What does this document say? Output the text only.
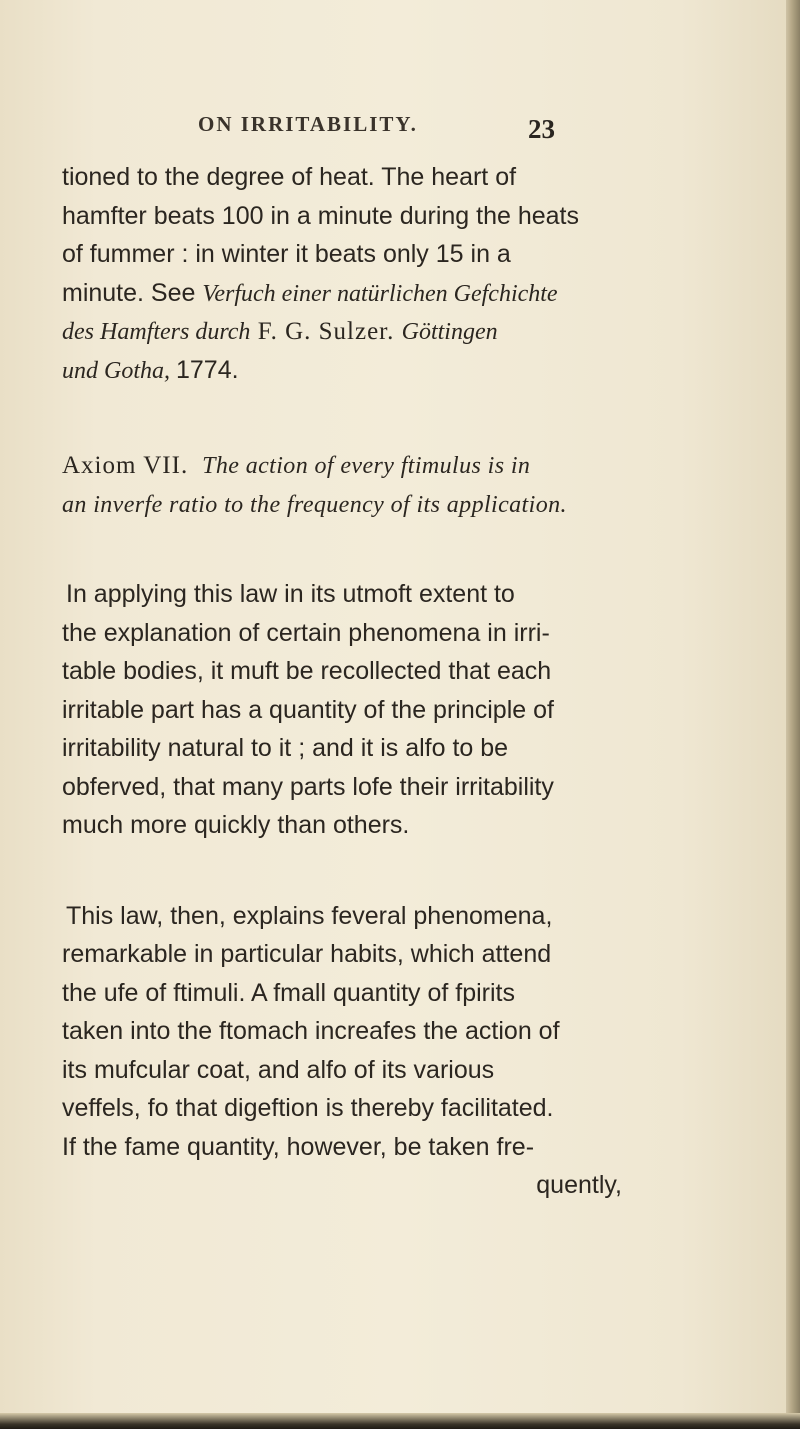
ON IRRITABILITY.	23
tioned to the degree of heat. The heart of
hamfter beats 100 in a minute during the heats
of fummer : in winter it beats only 15 in a
minute. See Verfuch einer natürlichen Gefchichte
des Hamfters durch F. G. Sulzer. Göttingen
und Gotha, 1774.
Axiom VII. The action of every ftimulus is in
an inverfe ratio to the frequency of its application.
In applying this law in its utmoft extent to
the explanation of certain phenomena in irri-
table bodies, it muft be recollected that each
irritable part has a quantity of the principle of
irritability natural to it ; and it is alfo to be
obferved, that many parts lofe their irritability
much more quickly than others.
This law, then, explains feveral phenomena,
remarkable in particular habits, which attend
the ufe of ftimuli. A fmall quantity of fpirits
taken into the ftomach increafes the action of
its mufcular coat, and alfo of its various
veffels, fo that digeftion is thereby facilitated.
If the fame quantity, however, be taken fre-
quently,
